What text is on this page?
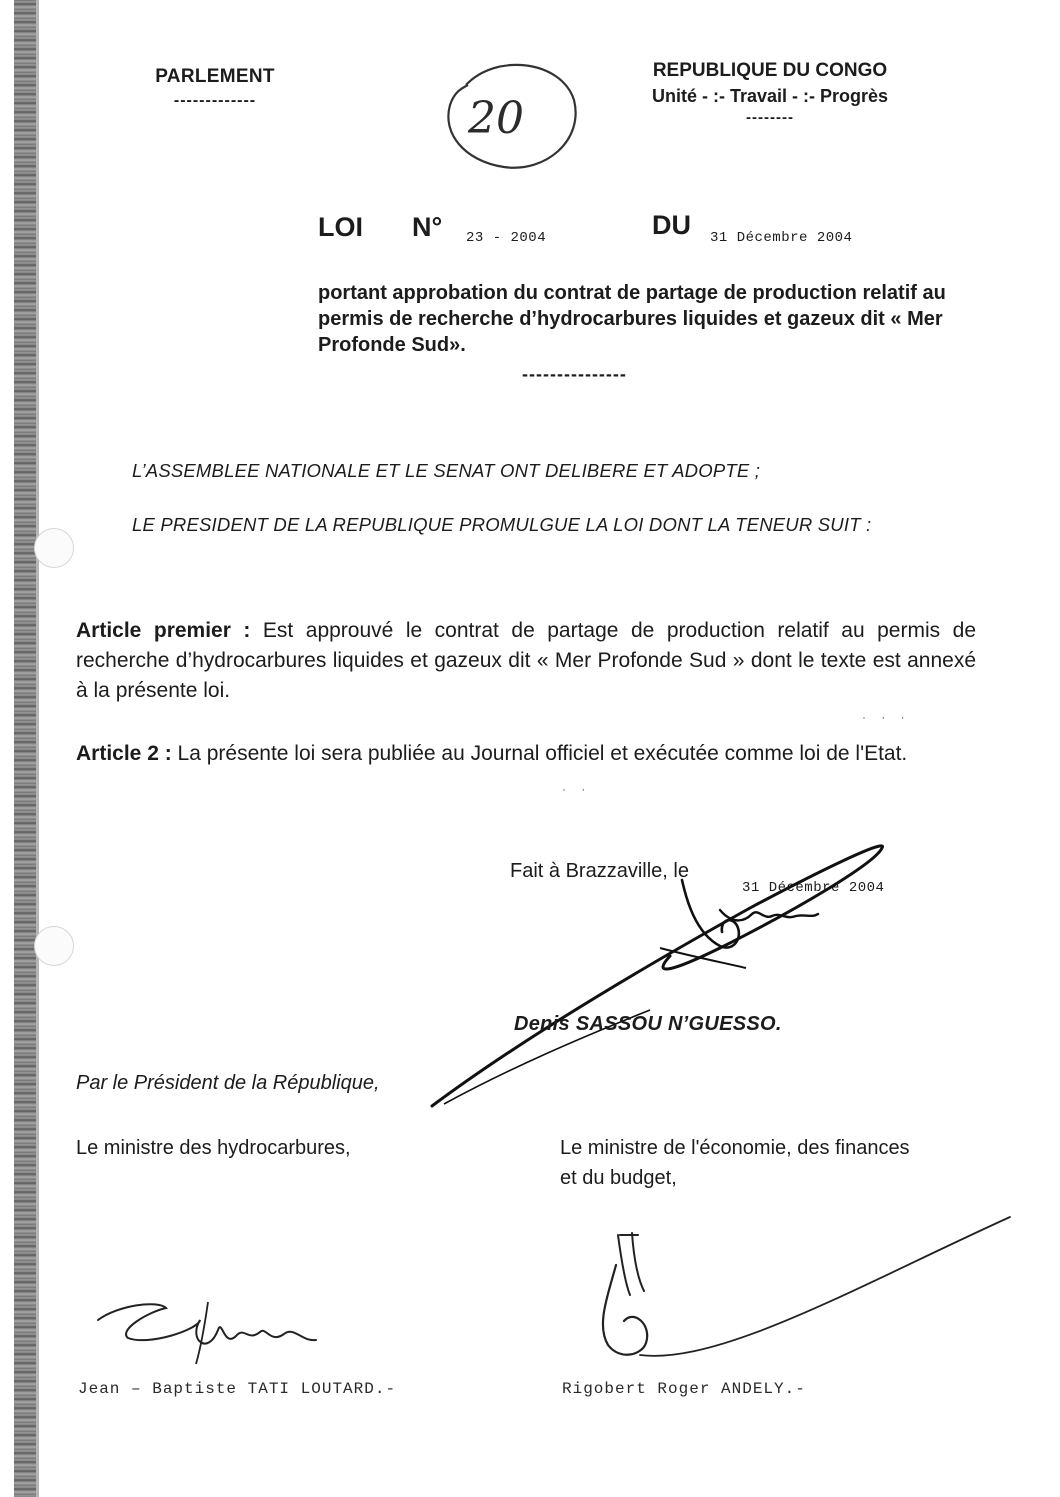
PARLEMENT
-------------
REPUBLIQUE DU CONGO
Unité - :- Travail - :- Progrès
--------
20
LOI N° 23 - 2004	DU 31 Décembre 2004
portant approbation du contrat de partage de production relatif au permis de recherche d’hydrocarbures liquides et gazeux dit « Mer Profonde Sud».
---------------
L’ASSEMBLEE NATIONALE ET LE SENAT ONT DELIBERE ET ADOPTE ;
LE PRESIDENT DE LA REPUBLIQUE PROMULGUE LA LOI DONT LA TENEUR SUIT :
Article premier : Est approuvé le contrat de partage de production relatif au permis de recherche d’hydrocarbures liquides et gazeux dit « Mer Profonde Sud » dont le texte est annexé à la présente loi.
Article 2 : La présente loi sera publiée au Journal officiel et exécutée comme loi de l'Etat.
· · ·
· ·
Fait à Brazzaville, le
31 Décembre 2004
Denis SASSOU N’GUESSO.
Par le Président de la République,
Le ministre des hydrocarbures,	Le ministre de l'économie, des finances et du budget,
Jean – Baptiste TATI LOUTARD.-	Rigobert Roger ANDELY.-
